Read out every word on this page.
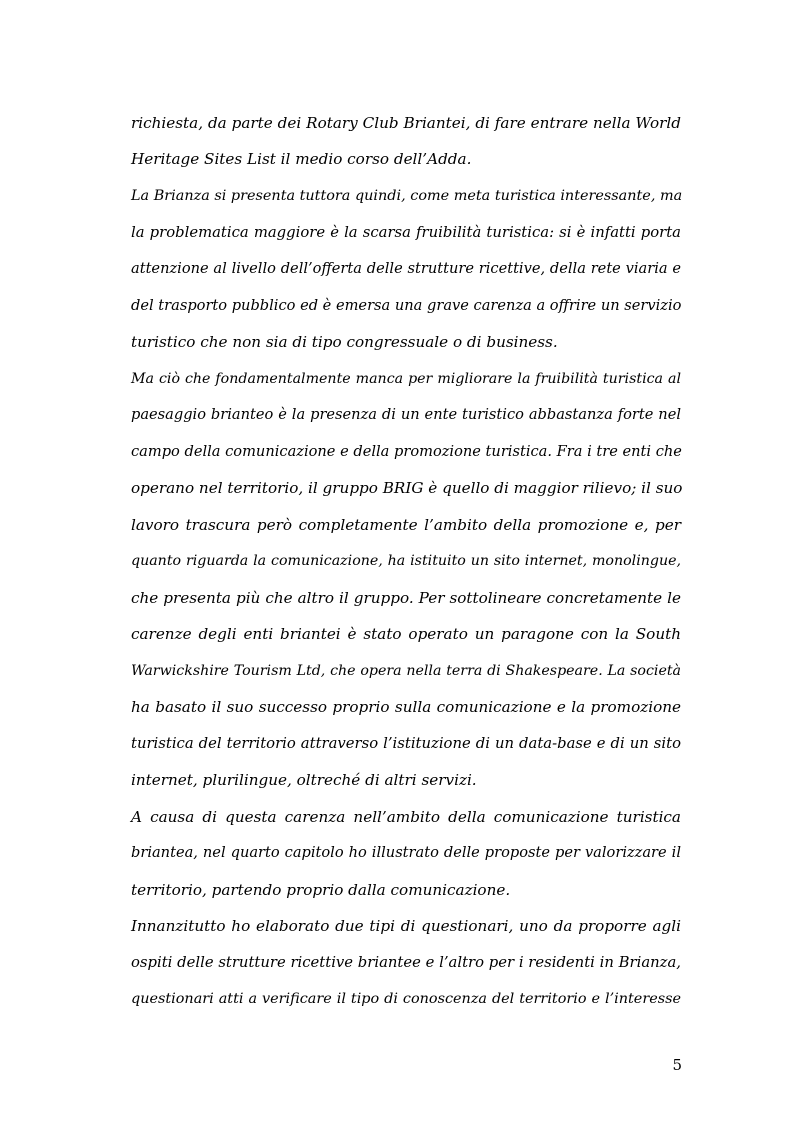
richiesta, da parte dei Rotary Club Briantei, di fare entrare nella World
Heritage Sites List il medio corso dell’Adda.
La Brianza si presenta tuttora quindi, come meta turistica interessante, ma
la problematica maggiore è la scarsa fruibilità turistica: si è infatti porta
attenzione al livello dell’offerta delle strutture ricettive, della rete viaria e
del trasporto pubblico ed è emersa una grave carenza a offrire un servizio
turistico che non sia di tipo congressuale o di business.
Ma ciò che fondamentalmente manca per migliorare la fruibilità turistica al
paesaggio brianteo è la presenza di un ente turistico abbastanza forte nel
campo della comunicazione e della promozione turistica. Fra i tre enti che
operano nel territorio, il gruppo BRIG è quello di maggior rilievo; il suo
lavoro trascura però completamente l’ambito della promozione e, per
quanto riguarda la comunicazione, ha istituito un sito internet, monolingue,
che presenta più che altro il gruppo. Per sottolineare concretamente le
carenze degli enti briantei è stato operato un paragone con la South
Warwickshire Tourism Ltd, che opera nella terra di Shakespeare. La società
ha basato il suo successo proprio sulla comunicazione e la promozione
turistica del territorio attraverso l’istituzione di un data-base e di un sito
internet, plurilingue, oltreché di altri servizi.
A causa di questa carenza nell’ambito della comunicazione turistica
briantea, nel quarto capitolo ho illustrato delle proposte per valorizzare il
territorio, partendo proprio dalla comunicazione.
Innanzitutto ho elaborato due tipi di questionari, uno da proporre agli
ospiti delle strutture ricettive briantee e l’altro per i residenti in Brianza,
questionari atti a verificare il tipo di conoscenza del territorio e l’interesse
5
